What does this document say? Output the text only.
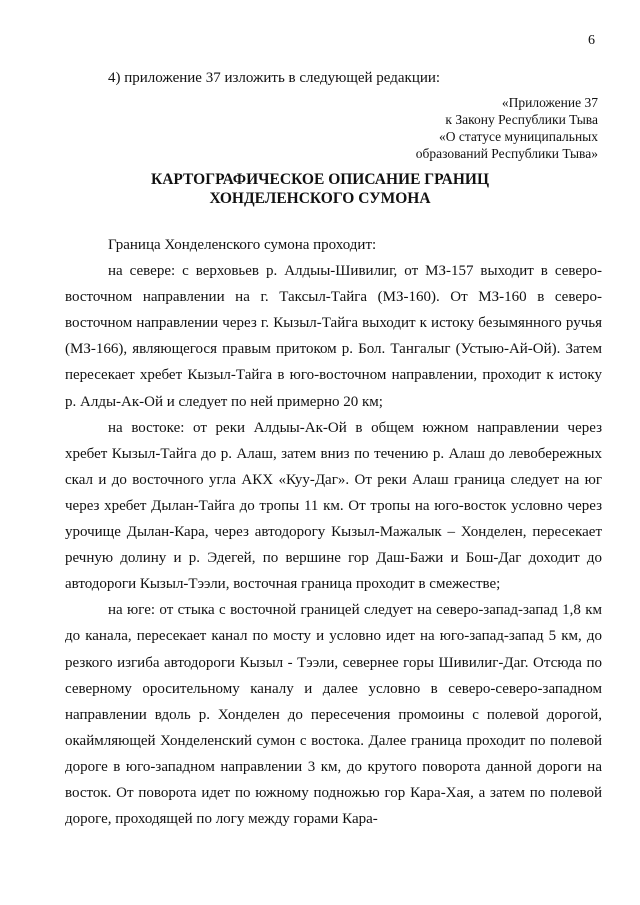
6
4) приложение 37 изложить в следующей редакции:
«Приложение 37
к Закону Республики Тыва
«О статусе муниципальных
образований Республики Тыва»
КАРТОГРАФИЧЕСКОЕ ОПИСАНИЕ ГРАНИЦ
ХОНДЕЛЕНСКОГО СУМОНА

Граница Хонделенского сумона проходит:

на севере: с верховьев р. Алдыы-Шивилиг, от МЗ-157 выходит в северо-восточном направлении на г. Таксыл-Тайга (МЗ-160). От МЗ-160 в северо-восточном направлении через г. Кызыл-Тайга выходит к истоку безымянного ручья (МЗ-166), являющегося правым притоком р. Бол. Тангалыг (Устыю-Ай-Ой). Затем пересекает хребет Кызыл-Тайга в юго-восточном направлении, проходит к истоку р. Алды-Ак-Ой и следует по ней примерно 20 км;

на востоке: от реки Алдыы-Ак-Ой в общем южном направлении через хребет Кызыл-Тайга до р. Алаш, затем вниз по течению р. Алаш до левобережных скал и до восточного угла АКХ «Куу-Даг». От реки Алаш граница следует на юг через хребет Дылан-Тайга до тропы 11 км. От тропы на юго-восток условно через урочище Дылан-Кара, через автодорогу Кызыл-Мажалык – Хонделен, пересекает речную долину и р. Эдегей, по вершине гор Даш-Бажи и Бош-Даг доходит до автодороги Кызыл-Тээли, восточная граница проходит в смежестве;

на юге: от стыка с восточной границей следует на северо-запад-запад 1,8 км до канала, пересекает канал по мосту и условно идет на юго-запад-запад 5 км, до резкого изгиба автодороги Кызыл - Тээли, севернее горы Шивилиг-Даг. Отсюда по северному оросительному каналу и далее условно в северо-северо-западном направлении вдоль р. Хонделен до пересечения промоины с полевой дорогой, окаймляющей Хонделенский сумон с востока. Далее граница проходит по полевой дороге в юго-западном направлении 3 км, до крутого поворота данной дороги на восток. От поворота идет по южному подножью гор Кара-Хая, а затем по полевой дороге, проходящей по логу между горами Кара-
